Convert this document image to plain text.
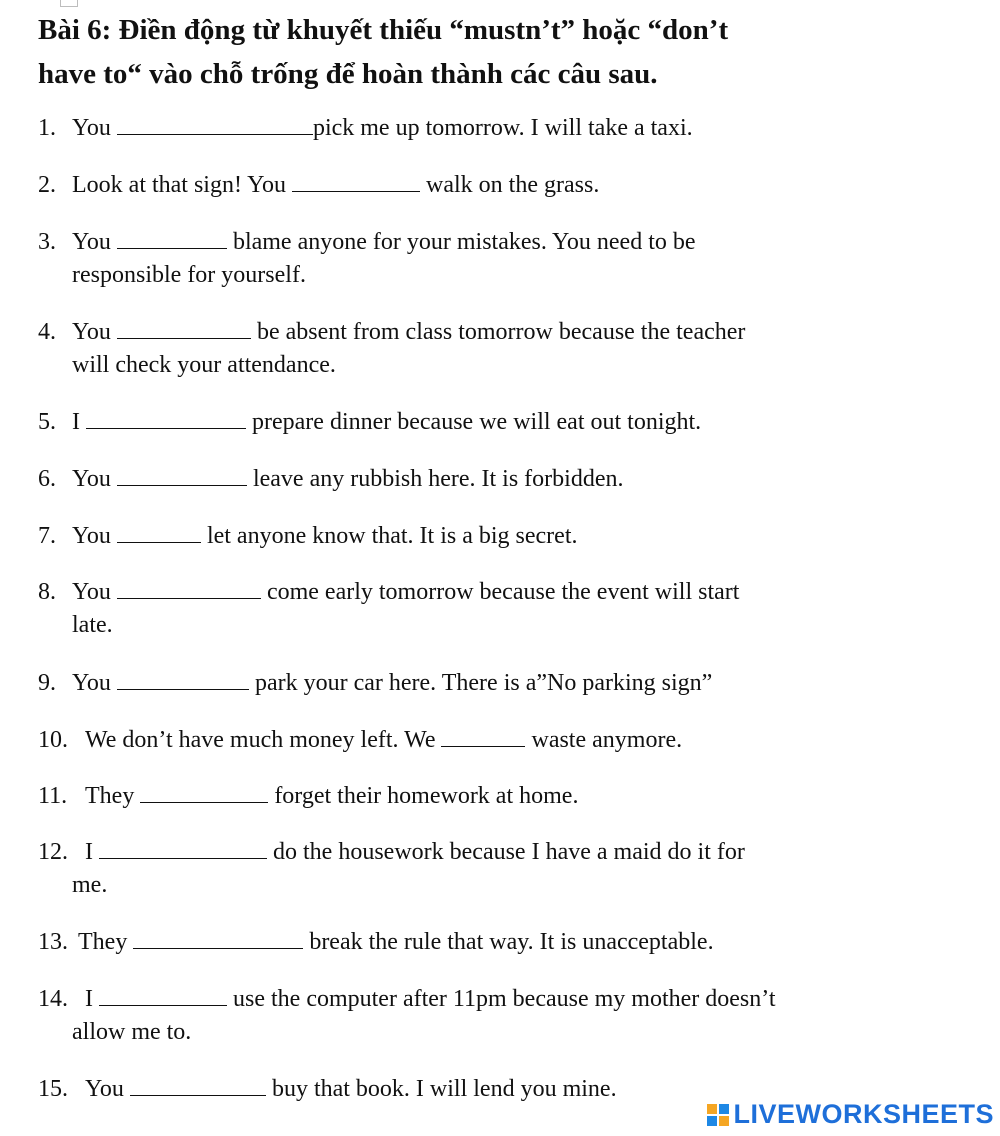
Bài 6: Điền động từ khuyết thiếu “mustn’t” hoặc “don’t
have to“ vào chỗ trống để hoàn thành các câu sau.
1. You	pick me up tomorrow. I will take a taxi.
2. Look at that sign! You	walk on the grass.
3. You	blame anyone for your mistakes. You need to be
responsible for yourself.
4. You	be absent from class tomorrow because the teacher
will check your attendance.
5. I	prepare dinner because we will eat out tonight.
6. You	leave any rubbish here. It is forbidden.
7. You	let anyone know that. It is a big secret.
8. You	come early tomorrow because the event will start
late.
9. You	park your car here. There is a”No parking sign”
10. We don’t have much money left. We	waste anymore.
11. They	forget their homework at home.
12. I	do the housework because I have a maid do it for
me.
13. They	break the rule that way. It is unacceptable.
14. I	use the computer after 11pm because my mother doesn’t
allow me to.
15. You	buy that book. I will lend you mine.
LIVEWORKSHEETS
